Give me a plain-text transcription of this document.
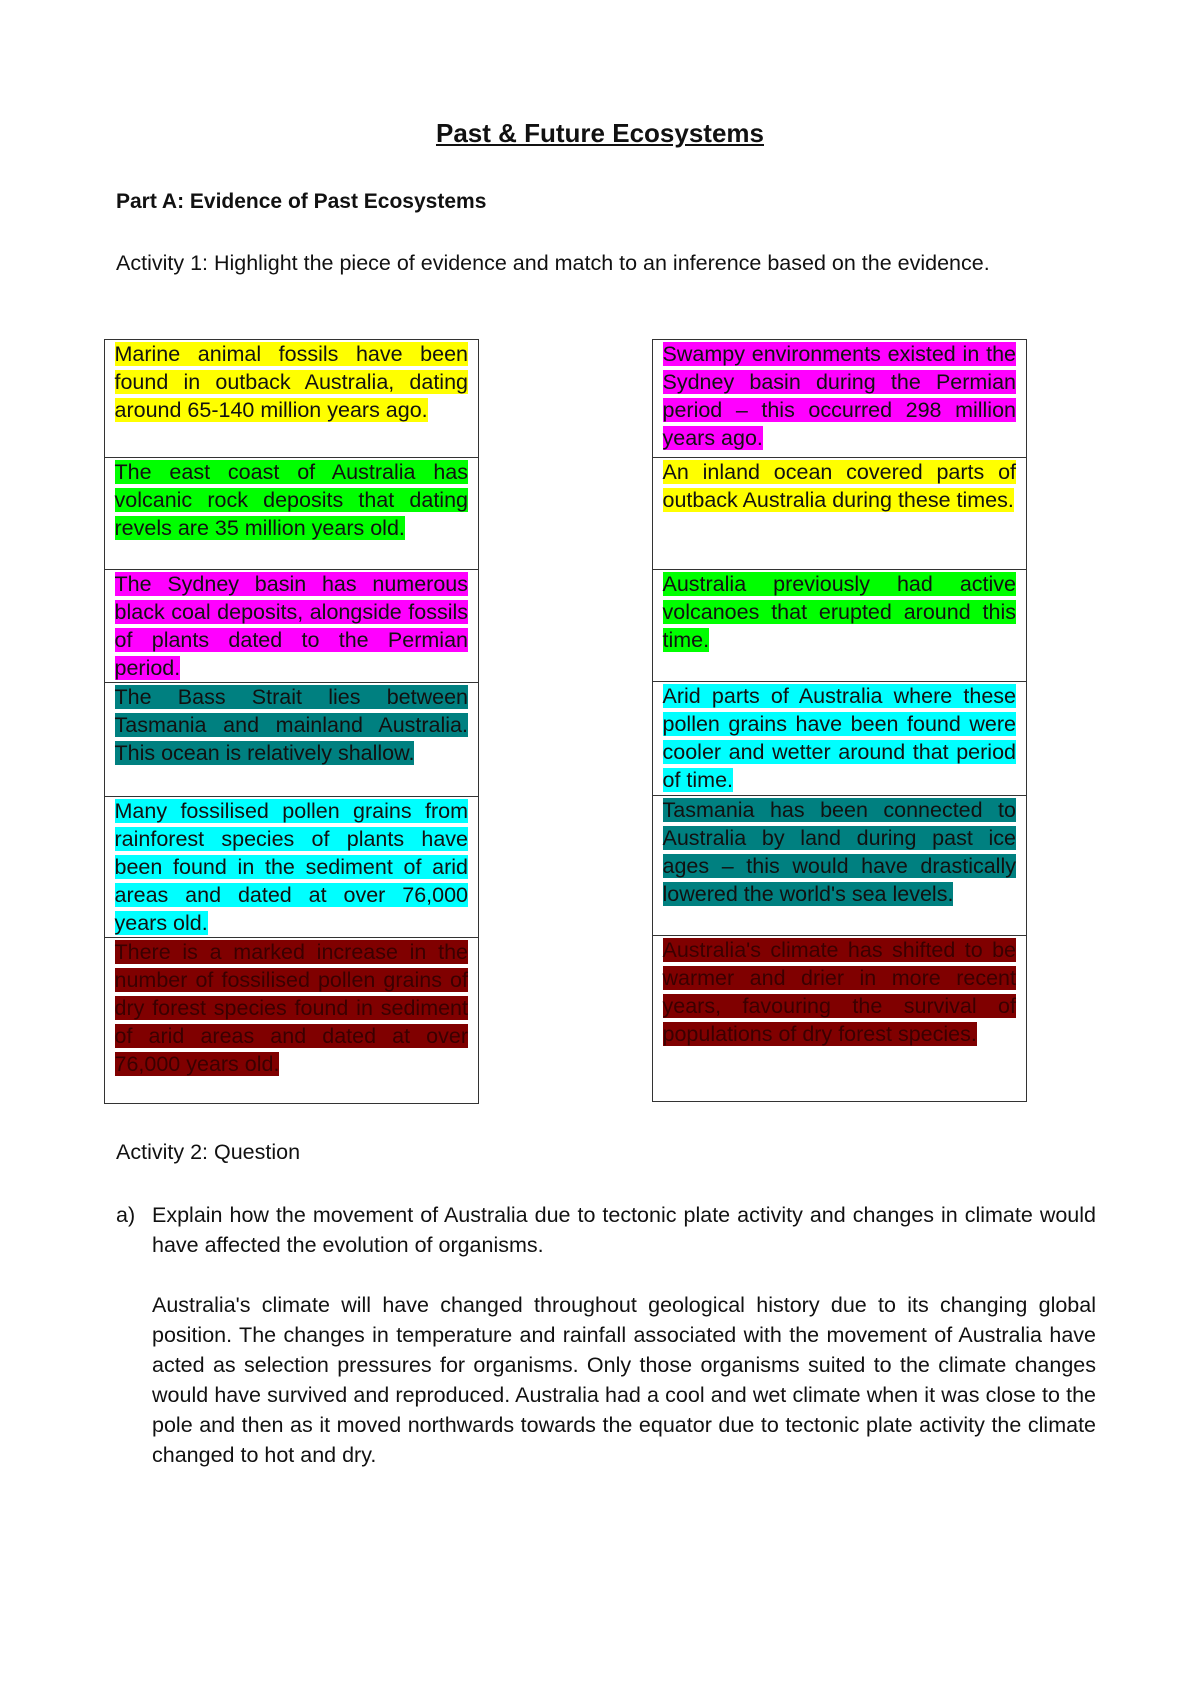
Past & Future Ecosystems
Part A: Evidence of Past Ecosystems
Activity 1: Highlight the piece of evidence and match to an inference based on the evidence.

	Marine animal fossils have been found in outback Australia, dating around 65-140 million years ago.

	The east coast of Australia has volcanic rock deposits that dating revels are 35 million years old.

	The Sydney basin has numerous black coal deposits, alongside fossils of plants dated to the Permian period.

	The Bass Strait lies between Tasmania and mainland Australia. This ocean is relatively shallow.

	Many fossilised pollen grains from rainforest species of plants have been found in the sediment of arid areas and dated at over 76,000 years old.

	There is a marked increase in the number of fossilised pollen grains of dry forest species found in sediment of arid areas and dated at over 76,000 years old.

	Swampy environments existed in the Sydney basin during the Permian period – this occurred 298 million years ago.

	An inland ocean covered parts of outback Australia during these times.

	Australia previously had active volcanoes that erupted around this time.

	Arid parts of Australia where these pollen grains have been found were cooler and wetter around that period of time.

	Tasmania has been connected to Australia by land during past ice ages – this would have drastically lowered the world's sea levels.

	Australia's climate has shifted to be warmer and drier in more recent years, favouring the survival of populations of dry forest species.
Activity 2: Question
a) Explain how the movement of Australia due to tectonic plate activity and changes in climate would have affected the evolution of organisms.
Australia's climate will have changed throughout geological history due to its changing global position. The changes in temperature and rainfall associated with the movement of Australia have acted as selection pressures for organisms. Only those organisms suited to the climate changes would have survived and reproduced. Australia had a cool and wet climate when it was close to the pole and then as it moved northwards towards the equator due to tectonic plate activity the climate changed to hot and dry.
